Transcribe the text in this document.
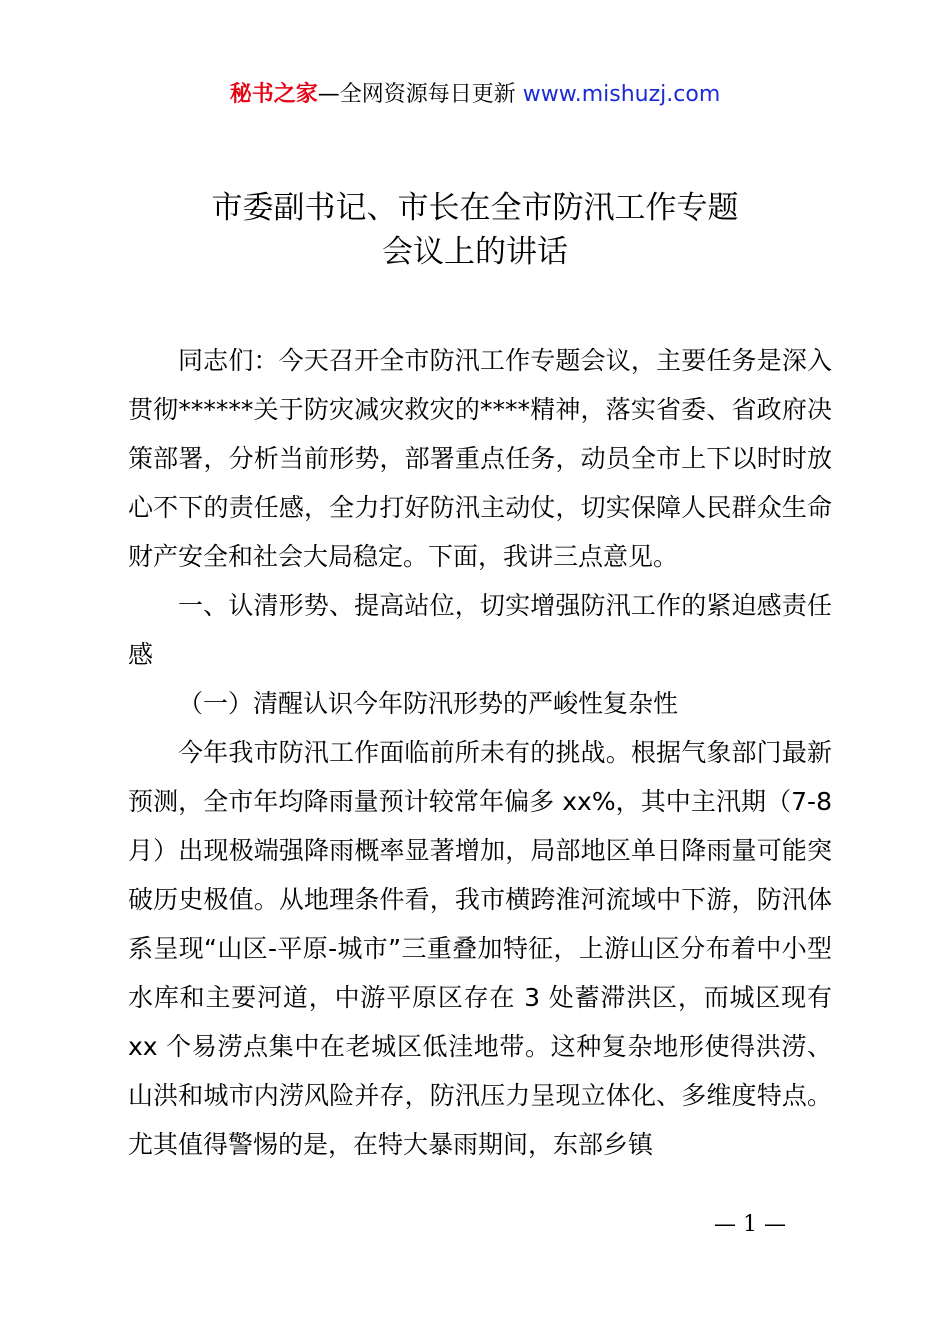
秘书之家—全网资源每日更新 www.mishuzj.com
市委副书记、市长在全市防汛工作专题
会议上的讲话

同志们：今天召开全市防汛工作专题会议，主要任务是深入贯彻******关于防灾减灾救灾的****精神，落实省委、省政府决策部署，分析当前形势，部署重点任务，动员全市上下以时时放心不下的责任感，全力打好防汛主动仗，切实保障人民群众生命财产安全和社会大局稳定。下面，我讲三点意见。

一、认清形势、提高站位，切实增强防汛工作的紧迫感责任感

（一）清醒认识今年防汛形势的严峻性复杂性

今年我市防汛工作面临前所未有的挑战。根据气象部门最新预测，全市年均降雨量预计较常年偏多 xx%，其中主汛期（7-8月）出现极端强降雨概率显著增加，局部地区单日降雨量可能突破历史极值。从地理条件看，我市横跨淮河流域中下游，防汛体系呈现“山区-平原-城市”三重叠加特征，上游山区分布着中小型水库和主要河道，中游平原区存在 3 处蓄滞洪区，而城区现有 xx 个易涝点集中在老城区低洼地带。这种复杂地形使得洪涝、山洪和城市内涝风险并存，防汛压力呈现立体化、多维度特点。尤其值得警惕的是，在特大暴雨期间，东部乡镇

— 1 —
